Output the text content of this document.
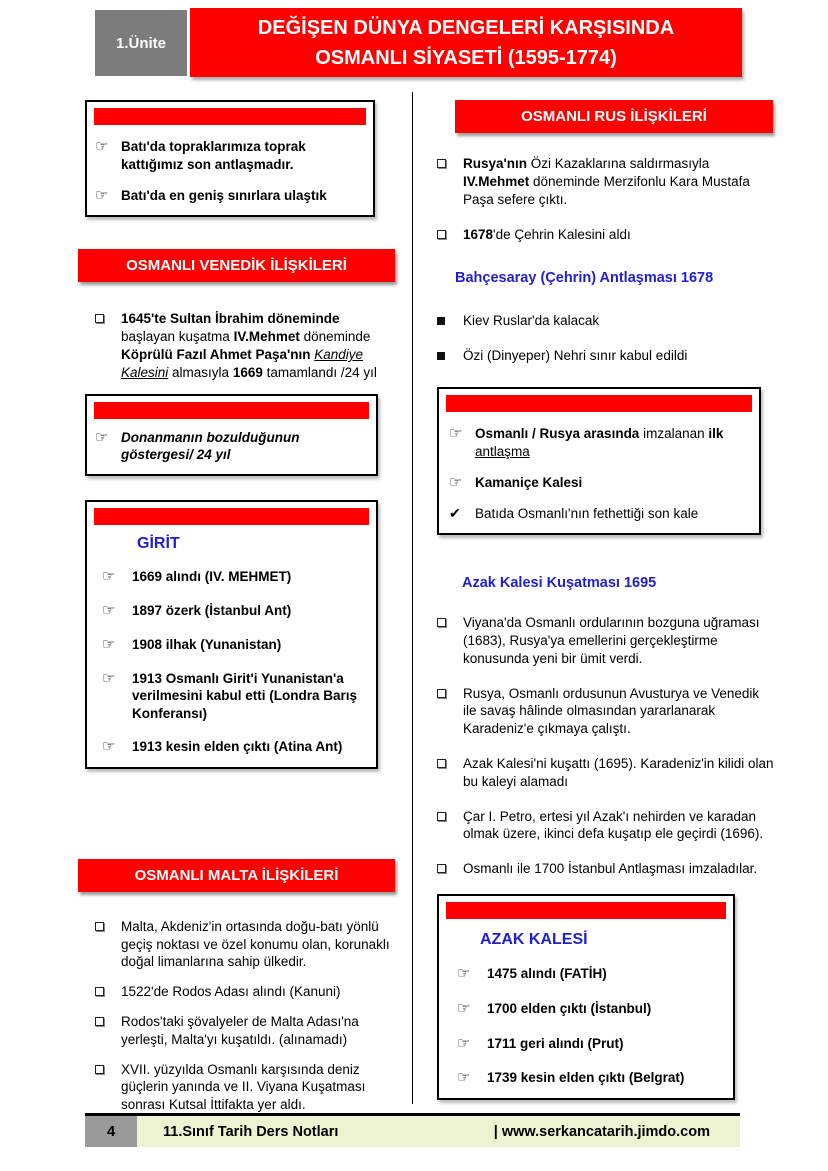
1.Ünite
DEĞİŞEN DÜNYA DENGELERİ KARŞISINDA
OSMANLI SİYASETİ (1595-1774)
☞ Batı'da topraklarımıza toprak kattığımız son antlaşmadır.
☞ Batı'da en geniş sınırlara ulaştık
OSMANLI VENEDİK İLİŞKİLERİ
1645'te Sultan İbrahim döneminde başlayan kuşatma IV.Mehmet döneminde Köprülü Fazıl Ahmet Paşa'nın Kandiye Kalesini almasıyla 1669 tamamlandı /24 yıl
☞ Donanmanın bozulduğunun göstergesi/ 24 yıl
GİRİT
☞	1669 alındı (IV. MEHMET)
☞	1897 özerk (İstanbul Ant)
☞	1908 ilhak (Yunanistan)
☞	1913 Osmanlı Girit'i Yunanistan'a verilmesini kabul etti (Londra Barış Konferansı)
☞	1913 kesin elden çıktı (Atina Ant)
OSMANLI MALTA İLİŞKİLERİ
Malta, Akdeniz'in ortasında doğu-batı yönlü geçiş noktası ve özel konumu olan, korunaklı doğal limanlarına sahip ülkedir.
1522'de Rodos Adası alındı (Kanuni)
Rodos'taki şövalyeler de Malta Adası'na yerleşti, Malta'yı kuşatıldı. (alınamadı)
XVII. yüzyılda Osmanlı karşısında deniz güçlerin yanında ve II. Viyana Kuşatması sonrası Kutsal İttifakta yer aldı.
OSMANLI RUS İLİŞKİLERİ
Rusya'nın Özi Kazaklarına saldırmasıyla IV.Mehmet döneminde Merzifonlu Kara Mustafa Paşa sefere çıktı.
1678'de Çehrin Kalesini aldı
Bahçesaray (Çehrin) Antlaşması 1678
Kiev Ruslar'da kalacak
Özi (Dinyeper) Nehri sınır kabul edildi
☞ Osmanlı / Rusya arasında imzalanan ilk antlaşma
☞ Kamaniçe Kalesi
✔	Batıda Osmanlı'nın fethettiği son kale
Azak Kalesi Kuşatması 1695
Viyana'da Osmanlı ordularının bozguna uğraması (1683), Rusya'ya emellerini gerçekleştirme konusunda yeni bir ümit verdi.
Rusya, Osmanlı ordusunun Avusturya ve Venedik ile savaş hâlinde olmasından yararlanarak Karadeniz'e çıkmaya çalıştı.
Azak Kalesi'ni kuşattı (1695). Karadeniz'in kilidi olan bu kaleyi alamadı
Çar I. Petro, ertesi yıl Azak'ı nehirden ve karadan olmak üzere, ikinci defa kuşatıp ele geçirdi (1696).
Osmanlı ile 1700 İstanbul Antlaşması imzaladılar.
AZAK KALESİ
☞	1475 alındı (FATİH)
☞	1700 elden çıktı (İstanbul)
☞	1711 geri alındı (Prut)
☞	1739 kesin elden çıktı (Belgrat)
4	11.Sınıf Tarih Ders Notları	| www.serkancatarih.jimdo.com
